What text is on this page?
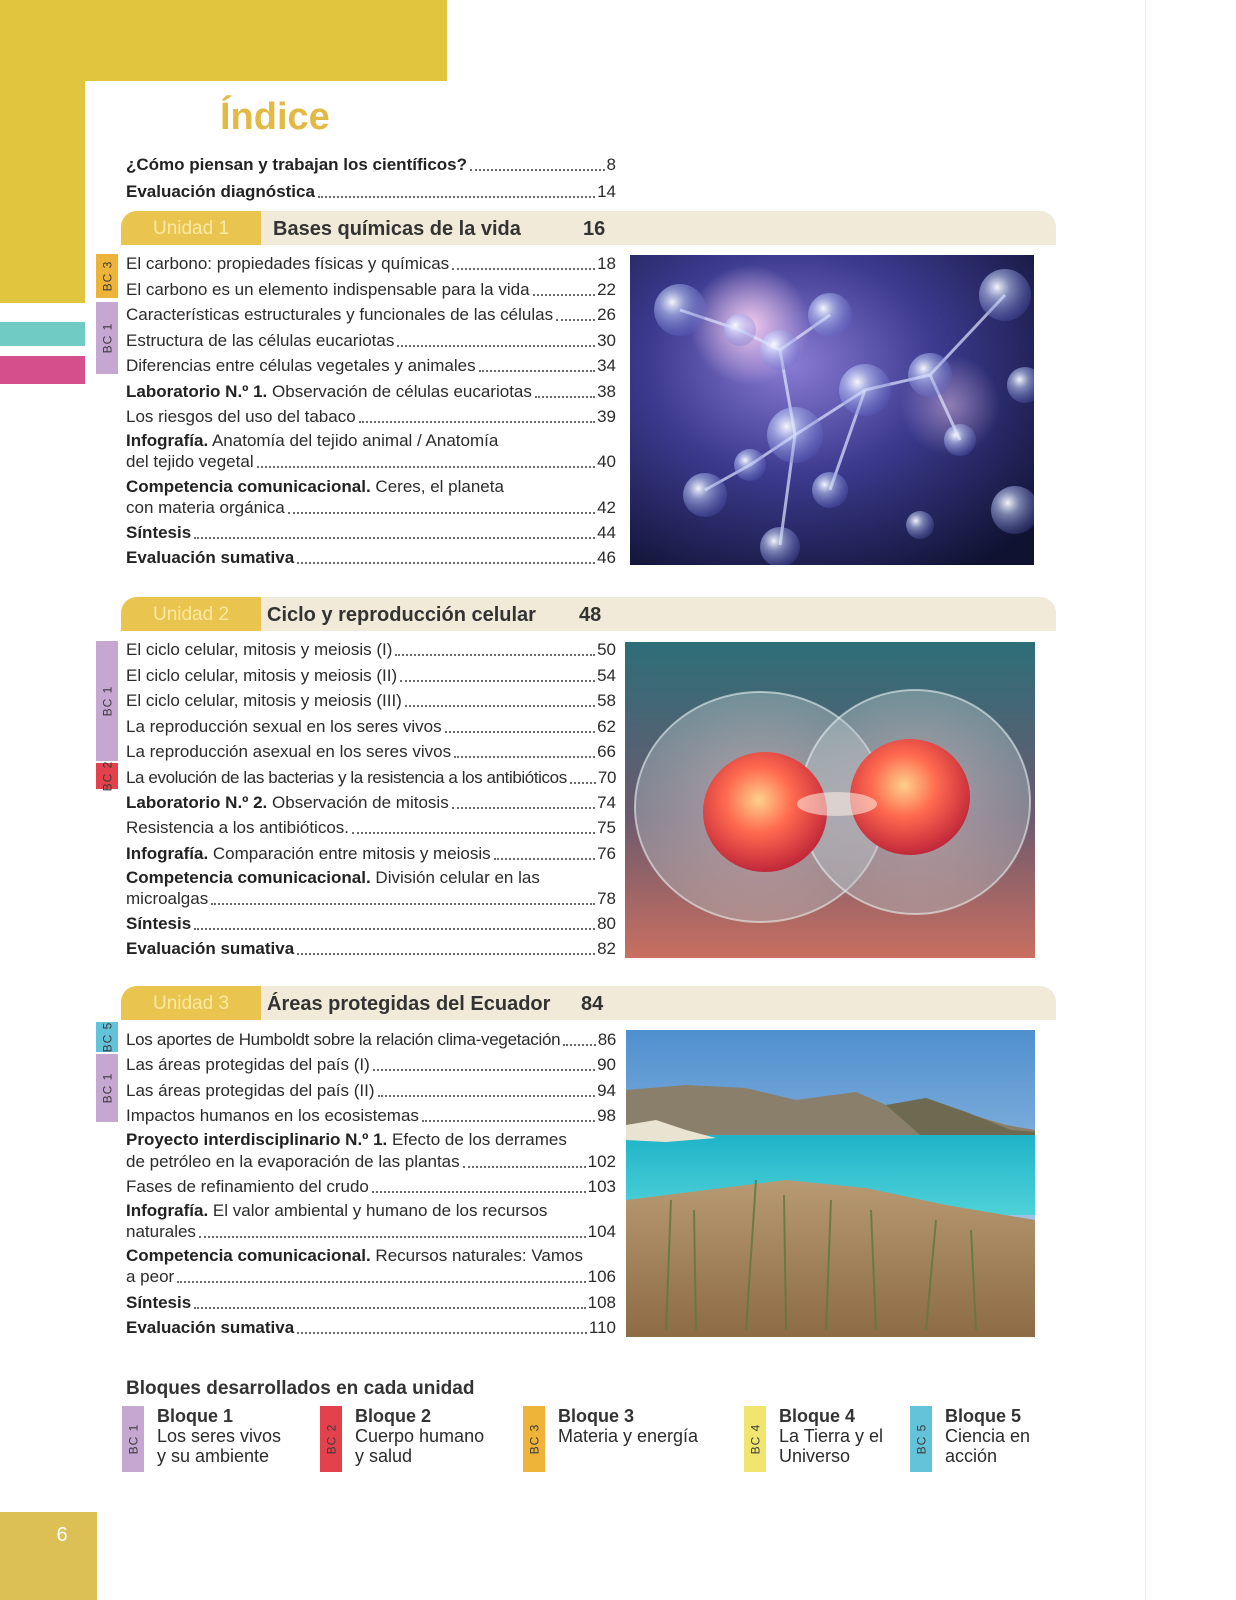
6
Índice
¿Cómo piensan y trabajan los científicos?	8
Evaluación diagnóstica	14
Unidad 1	Bases químicas de la vida	16
BC 3
BC 1
El carbono: propiedades físicas y químicas	18
El carbono es un elemento indispensable para la vida	22
Características estructurales y funcionales de las células	26
Estructura de las células eucariotas	30
Diferencias entre células vegetales y animales	34
Laboratorio N.º 1. Observación de células eucariotas	38
Los riesgos del uso del tabaco	39
Infografía. Anatomía del tejido animal / Anatomía
del tejido vegetal	40
Competencia comunicacional. Ceres, el planeta
con materia orgánica	42
Síntesis	44
Evaluación sumativa	46
Unidad 2	Ciclo y reproducción celular 48
BC 1
BC 2
El ciclo celular, mitosis y meiosis (I)	50
El ciclo celular, mitosis y meiosis (II)	54
El ciclo celular, mitosis y meiosis (III)	58
La reproducción sexual en los seres vivos	62
La reproducción asexual en los seres vivos	66
La evolución de las bacterias y la resistencia a los antibióticos 70
Laboratorio N.º 2. Observación de mitosis	74
Resistencia a los antibióticos.	75
Infografía. Comparación entre mitosis y meiosis	76
Competencia comunicacional. División celular en las
microalgas	78
Síntesis	80
Evaluación sumativa	82
Unidad 3	Áreas protegidas del Ecuador 84
BC 5
BC 1
Los aportes de Humboldt sobre la relación clima-vegetación 86
Las áreas protegidas del país (I)	90
Las áreas protegidas del país (II)	94
Impactos humanos en los ecosistemas	98
Proyecto interdisciplinario N.º 1. Efecto de los derrames
de petróleo en la evaporación de las plantas	102
Fases de refinamiento del crudo	103
Infografía. El valor ambiental y humano de los recursos
naturales	104
Competencia comunicacional. Recursos naturales: Vamos
a peor	106
Síntesis	108
Evaluación sumativa	110
Bloques desarrollados en cada unidad
BC 1
Bloque 1
Los seres vivos
y su ambiente
BC 2
Bloque 2
Cuerpo humano
y salud
BC 3
Bloque 3
Materia y energía	BC 4
Bloque 4
La Tierra y el
Universo
BC 5
Bloque 5
Ciencia en
acción
